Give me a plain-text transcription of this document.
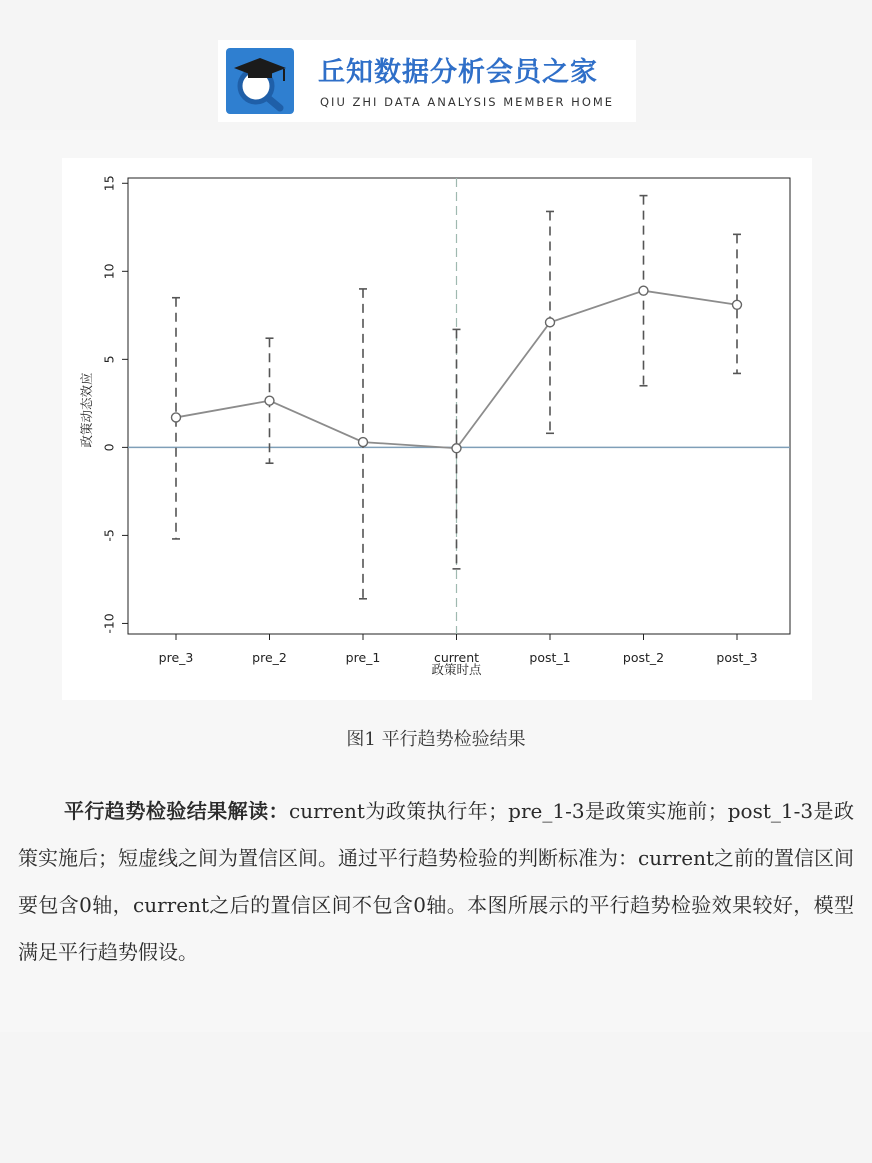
丘知数据分析会员之家
QIU ZHI DATA ANALYSIS MEMBER HOME
-10
-5
0
5
10
15
pre_3	pre_2	pre_1	current	post_1	post_2	post_3
政策时点
政策动态效应
图1 平行趋势检验结果

平行趋势检验结果解读：current为政策执行年；pre_1-3是政策实施前；post_1-3是政策实施后；短虚线之间为置信区间。通过平行趋势检验的判断标准为：current之前的置信区间要包含0轴，current之后的置信区间不包含0轴。本图所展示的平行趋势检验效果较好，模型满足平行趋势假设。
